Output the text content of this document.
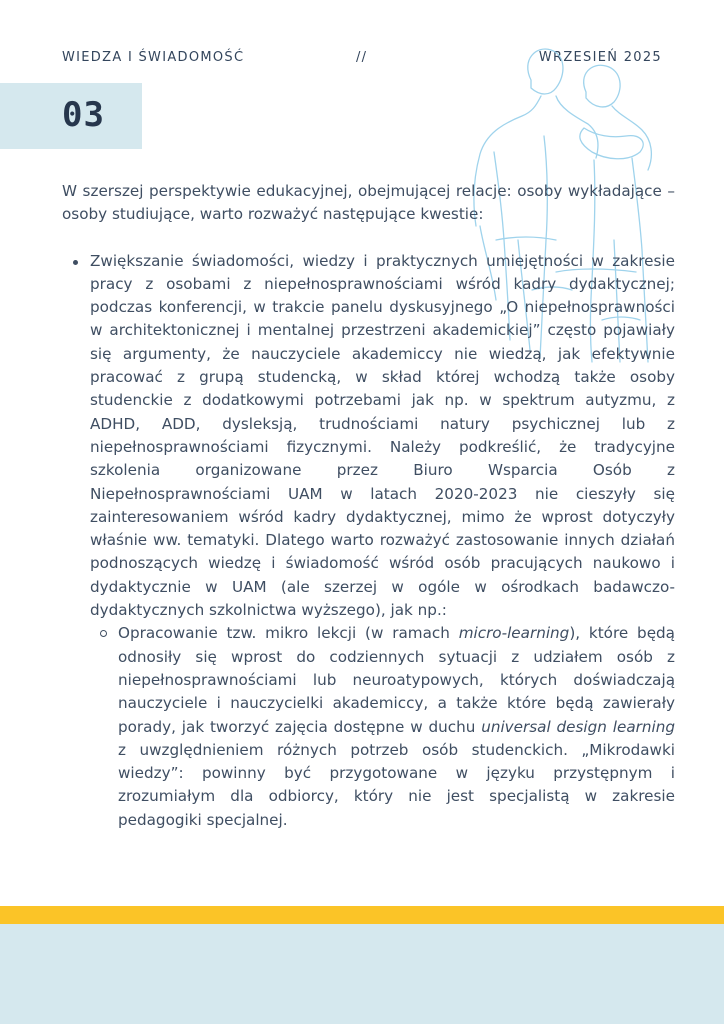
WIEDZA I ŚWIADOMOŚĆ	//	WRZESIEŃ 2025
03

W szerszej perspektywie edukacyjnej, obejmującej relacje: osoby wykładające – osoby studiujące, warto rozważyć następujące kwestie:

Zwiększanie świadomości, wiedzy i praktycznych umiejętności w zakresie pracy z osobami z niepełnosprawnościami wśród kadry dydaktycznej; podczas konferencji, w trakcie panelu dyskusyjnego „O niepełnosprawności w architektonicznej i mentalnej przestrzeni akademickiej” często pojawiały się argumenty, że nauczyciele akademiccy nie wiedzą, jak efektywnie pracować z grupą studencką, w skład której wchodzą także osoby studenckie z dodatkowymi potrzebami jak np. w spektrum autyzmu, z ADHD, ADD, dysleksją, trudnościami natury psychicznej lub z niepełnosprawnościami fizycznymi. Należy podkreślić, że tradycyjne szkolenia organizowane przez Biuro Wsparcia Osób z Niepełnosprawnościami UAM w latach 2020-2023 nie cieszyły się zainteresowaniem wśród kadry dydaktycznej, mimo że wprost dotyczyły właśnie ww. tematyki. Dlatego warto rozważyć zastosowanie innych działań podnoszących wiedzę i świadomość wśród osób pracujących naukowo i dydaktycznie w UAM (ale szerzej w ogóle w ośrodkach badawczo-dydaktycznych szkolnictwa wyższego), jak np.:
Opracowanie tzw. mikro lekcji (w ramach micro-learning), które będą odnosiły się wprost do codziennych sytuacji z udziałem osób z niepełnosprawnościami lub neuroatypowych, których doświadczają nauczyciele i nauczycielki akademiccy, a także które będą zawierały porady, jak tworzyć zajęcia dostępne w duchu universal design learning z uwzględnieniem różnych potrzeb osób studenckich. „Mikrodawki wiedzy”: powinny być przygotowane w języku przystępnym i zrozumiałym dla odbiorcy, który nie jest specjalistą w zakresie pedagogiki specjalnej.
